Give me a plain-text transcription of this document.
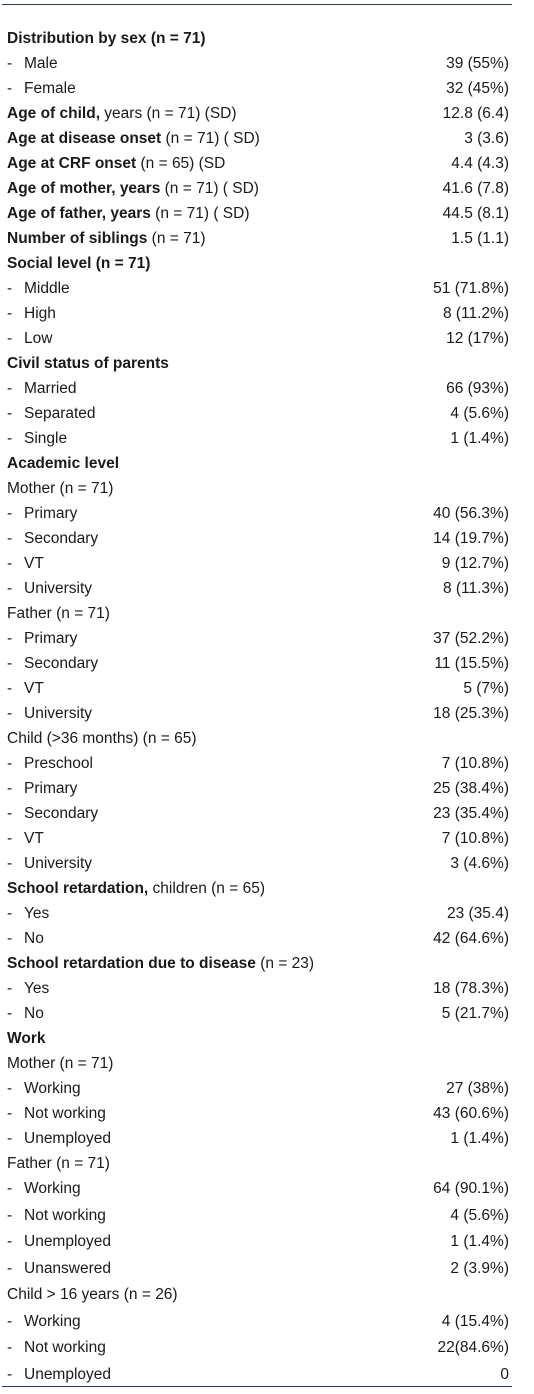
Distribution by sex (n = 71)
- Male	39 (55%)
- Female	32 (45%)
Age of child, years (n = 71) (SD)	12.8 (6.4)
Age at disease onset (n = 71) ( SD)	3 (3.6)
Age at CRF onset (n = 65) (SD	4.4 (4.3)
Age of mother, years (n = 71) ( SD)	41.6 (7.8)
Age of father, years (n = 71) ( SD)	44.5 (8.1)
Number of siblings (n = 71)	1.5 (1.1)
Social level (n = 71)
- Middle	51 (71.8%)
- High	8 (11.2%)
- Low	12 (17%)
Civil status of parents
- Married	66 (93%)
- Separated	4 (5.6%)
- Single	1 (1.4%)
Academic level
Mother (n = 71)
- Primary	40 (56.3%)
- Secondary	14 (19.7%)
- VT	9 (12.7%)
- University	8 (11.3%)
Father (n = 71)
- Primary	37 (52.2%)
- Secondary	11 (15.5%)
- VT	5 (7%)
- University	18 (25.3%)
Child (>36 months) (n = 65)
- Preschool	7 (10.8%)
- Primary	25 (38.4%)
- Secondary	23 (35.4%)
- VT	7 (10.8%)
- University	3 (4.6%)
School retardation, children (n = 65)
- Yes	23 (35.4)
- No	42 (64.6%)
School retardation due to disease (n = 23)
- Yes	18 (78.3%)
- No	5 (21.7%)
Work
Mother (n = 71)
- Working	27 (38%)
- Not working	43 (60.6%)
- Unemployed	1 (1.4%)
Father (n = 71)
- Working	64 (90.1%)
- Not working	4 (5.6%)
- Unemployed	1 (1.4%)
- Unanswered	2 (3.9%)
Child > 16 years (n = 26)
- Working	4 (15.4%)
- Not working	22(84.6%)
- Unemployed	0
